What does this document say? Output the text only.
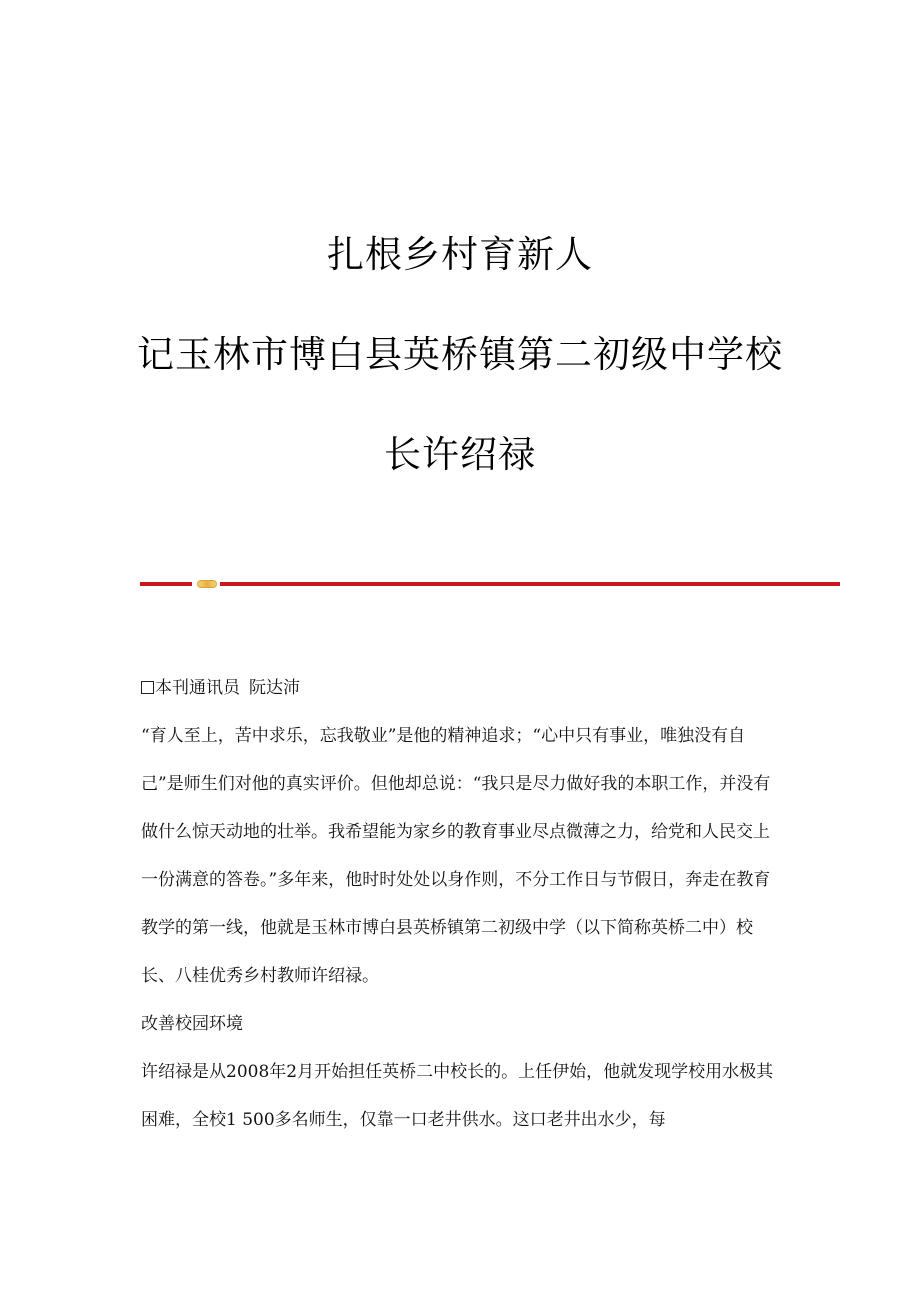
扎根乡村育新人
记玉林市博白县英桥镇第二初级中学校
长许绍禄

本刊通讯员 阮达沛

“育人至上，苦中求乐，忘我敬业”是他的精神追求；“心中只有事业，唯独没有自己”是师生们对他的真实评价。但他却总说：“我只是尽力做好我的本职工作，并没有做什么惊天动地的壮举。我希望能为家乡的教育事业尽点微薄之力，给党和人民交上一份满意的答卷。”多年来，他时时处处以身作则，不分工作日与节假日，奔走在教育教学的第一线，他就是玉林市博白县英桥镇第二初级中学（以下简称英桥二中）校长、八桂优秀乡村教师许绍禄。

改善校园环境

许绍禄是从2008年2月开始担任英桥二中校长的。上任伊始，他就发现学校用水极其困难，全校1 500多名师生，仅靠一口老井供水。这口老井出水少，每
